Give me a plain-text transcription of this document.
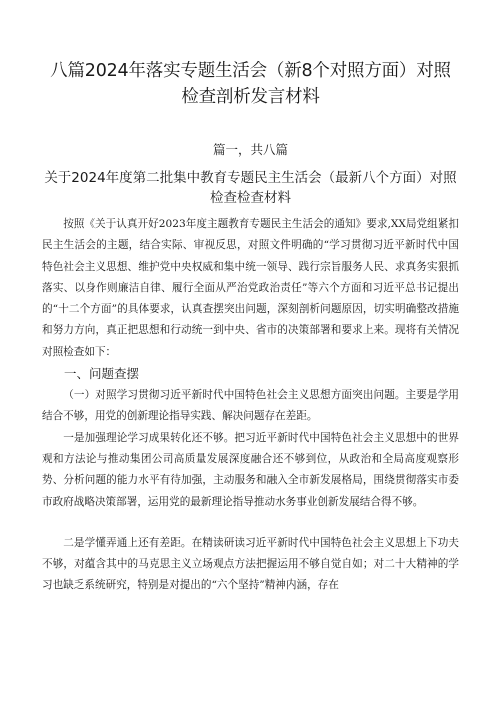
八篇2024年落实专题生活会（新8个对照方面）对照检查剖析发言材料
篇一，共八篇
关于2024年度第二批集中教育专题民主生活会（最新八个方面）对照检查检查材料

按照《关于认真开好2023年度主题教育专题民主生活会的通知》要求,XX局党组紧扣民主生活会的主题，结合实际、审视反思，对照文件明确的“学习贯彻习近平新时代中国特色社会主义思想、维护党中央权威和集中统一领导、践行宗旨服务人民、求真务实狠抓落实、以身作则廉洁自律、履行全面从严治党政治责任”等六个方面和习近平总书记提出的“十二个方面”的具体要求，认真查摆突出问题，深刻剖析问题原因，切实明确整改措施和努力方向，真正把思想和行动统一到中央、省市的决策部署和要求上来。现将有关情况对照检查如下：

一、问题查摆

（一）对照学习贯彻习近平新时代中国特色社会主义思想方面突出问题。主要是学用结合不够，用党的创新理论指导实践、解决问题存在差距。

一是加强理论学习成果转化还不够。把习近平新时代中国特色社会主义思想中的世界观和方法论与推动集团公司高质量发展深度融合还不够到位，从政治和全局高度观察形势、分析问题的能力水平有待加强，主动服务和融入全市新发展格局，围绕贯彻落实市委市政府战略决策部署，运用党的最新理论指导推动水务事业创新发展结合得不够。

二是学懂弄通上还有差距。在精读研读习近平新时代中国特色社会主义思想上下功夫不够，对蕴含其中的马克思主义立场观点方法把握运用不够自觉自如；对二十大精神的学习也缺乏系统研究，特别是对提出的“六个坚持”精神内涵，存在
